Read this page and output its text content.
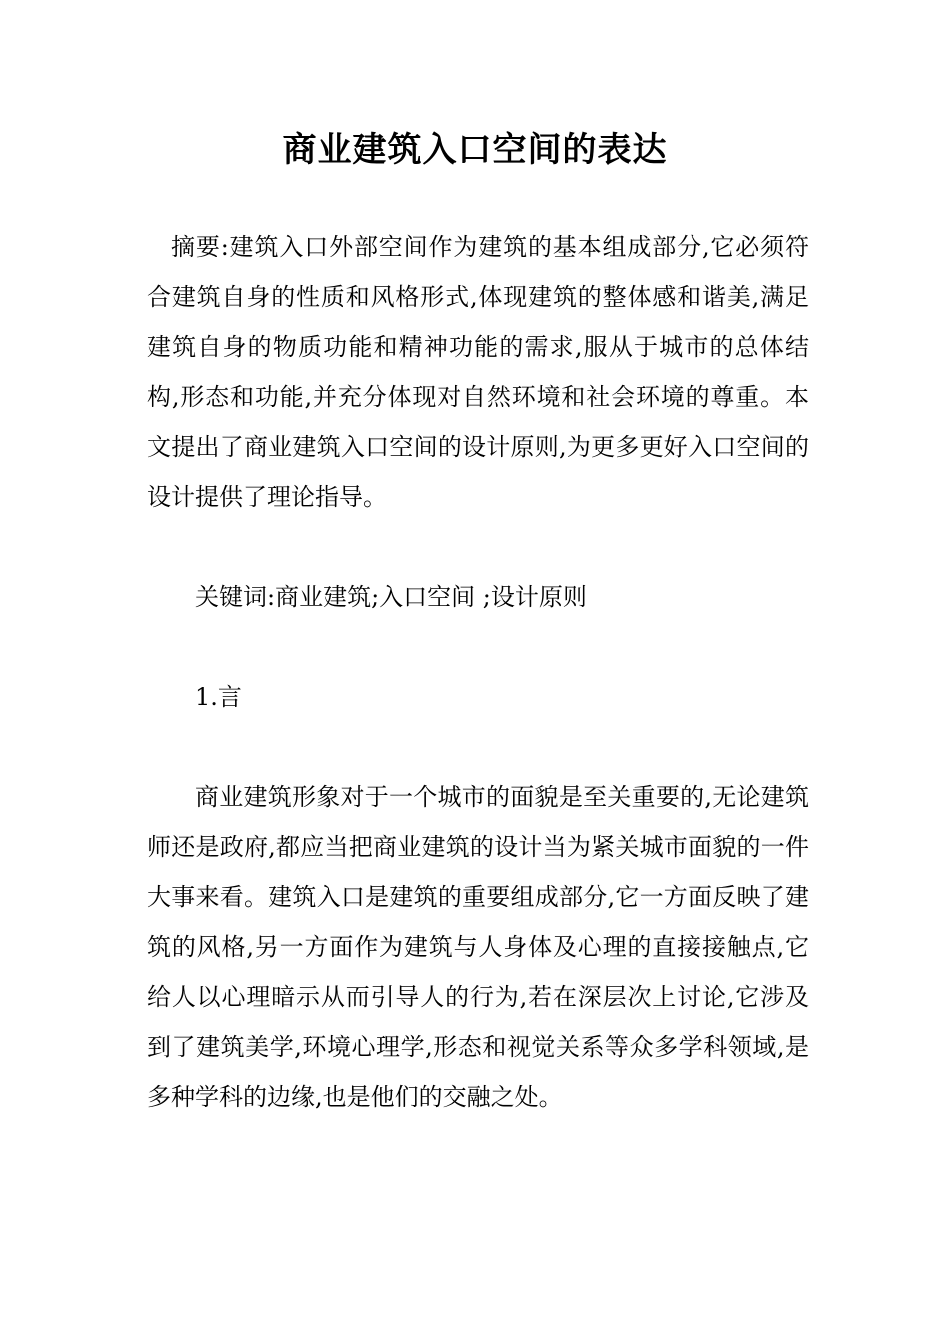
商业建筑入口空间的表达

摘要:建筑入口外部空间作为建筑的基本组成部分,它必须符合建筑自身的性质和风格形式,体现建筑的整体感和谐美,满足建筑自身的物质功能和精神功能的需求,服从于城市的总体结构,形态和功能,并充分体现对自然环境和社会环境的尊重。本文提出了商业建筑入口空间的设计原则,为更多更好入口空间的设计提供了理论指导。

关键词:商业建筑;入口空间 ;设计原则

1.言

商业建筑形象对于一个城市的面貌是至关重要的,无论建筑师还是政府,都应当把商业建筑的设计当为紧关城市面貌的一件大事来看。建筑入口是建筑的重要组成部分,它一方面反映了建筑的风格,另一方面作为建筑与人身体及心理的直接接触点,它给人以心理暗示从而引导人的行为,若在深层次上讨论,它涉及到了建筑美学,环境心理学,形态和视觉关系等众多学科领域,是多种学科的边缘,也是他们的交融之处。
